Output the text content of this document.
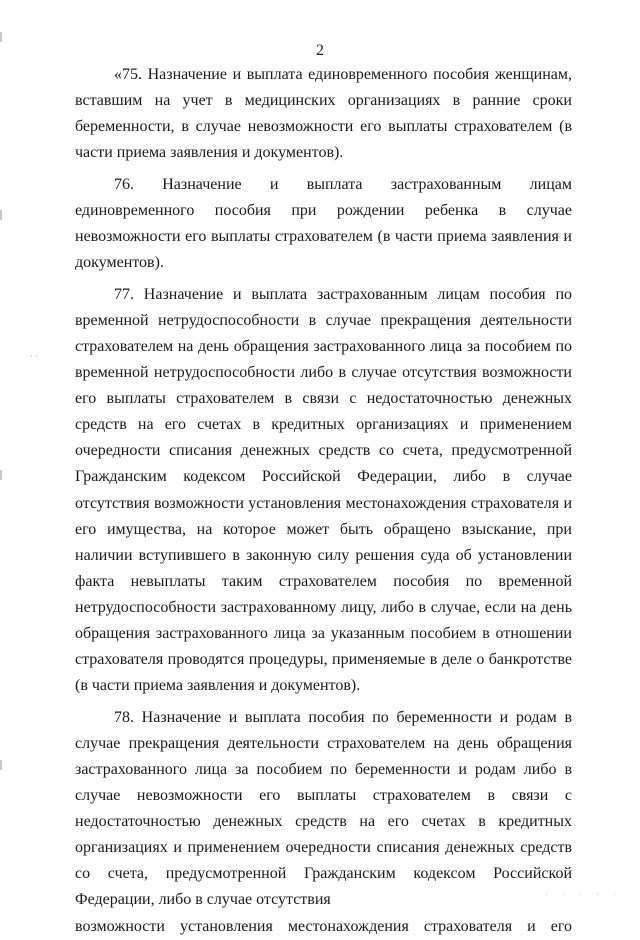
2

«75. Назначение и выплата единовременного пособия женщинам, вставшим на учет в медицинских организациях в ранние сроки беременности, в случае невозможности его выплаты страхователем (в части приема заявления и документов).

76. Назначение и выплата застрахованным лицам единовременного пособия при рождении ребенка в случае невозможности его выплаты страхователем (в части приема заявления и документов).

77. Назначение и выплата застрахованным лицам пособия по временной нетрудоспособности в случае прекращения деятельности страхователем на день обращения застрахованного лица за пособием по временной нетрудоспособности либо в случае отсутствия возможности его выплаты страхователем в связи с недостаточностью денежных средств на его счетах в кредитных организациях и применением очередности списания денежных средств со счета, предусмотренной Гражданским кодексом Российской Федерации, либо в случае отсутствия возможности установления местонахождения страхователя и его имущества, на которое может быть обращено взыскание, при наличии вступившего в законную силу решения суда об установлении факта невыплаты таким страхователем пособия по временной нетрудоспособности застрахованному лицу, либо в случае, если на день обращения застрахованного лица за указанным пособием в отношении страхователя проводятся процедуры, применяемые в деле о банкротстве (в части приема заявления и документов).

78. Назначение и выплата пособия по беременности и родам в случае прекращения деятельности страхователем на день обращения застрахованного лица за пособием по беременности и родам либо в случае невозможности его выплаты страхователем в связи с недостаточностью денежных средств на его счетах в кредитных организациях и применением очередности списания денежных средств со счета, предусмотренной Гражданским кодексом Российской Федерации, либо в случае отсутствия

возможности установления местонахождения страхователя и его
· ·
· · · · ·
